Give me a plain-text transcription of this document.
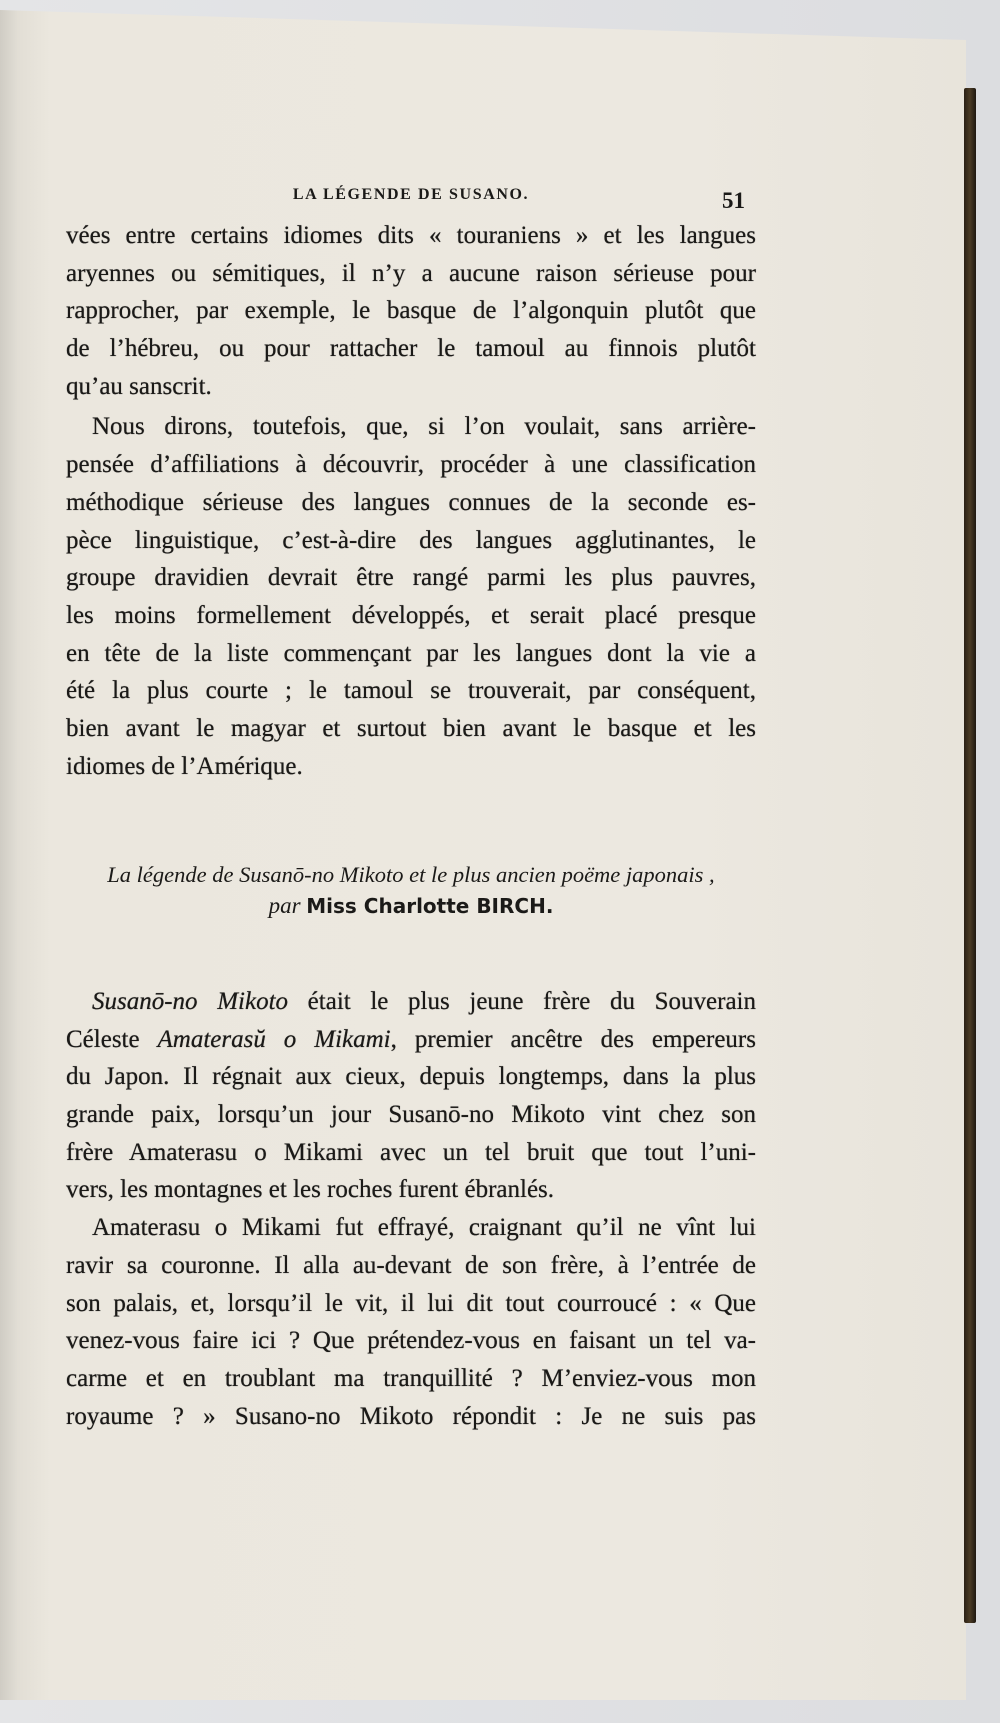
LA LÉGENDE DE SUSANO.	51
vées entre certains idiomes dits « touraniens » et les langues
aryennes ou sémitiques, il n’y a aucune raison sérieuse pour
rapprocher, par exemple, le basque de l’algonquin plutôt que
de l’hébreu, ou pour rattacher le tamoul au finnois plutôt
qu’au sanscrit.
Nous dirons, toutefois, que, si l’on voulait, sans arrière-
pensée d’affiliations à découvrir, procéder à une classification
méthodique sérieuse des langues connues de la seconde es-
pèce linguistique, c’est-à-dire des langues agglutinantes, le
groupe dravidien devrait être rangé parmi les plus pauvres,
les moins formellement développés, et serait placé presque
en tête de la liste commençant par les langues dont la vie a
été la plus courte ; le tamoul se trouverait, par conséquent,
bien avant le magyar et surtout bien avant le basque et les
idiomes de l’Amérique.
La légende de Susanō-no Mikoto et le plus ancien poëme japonais ,
par Miss Charlotte BIRCH.
Susanō-no Mikoto était le plus jeune frère du Souverain
Céleste Amaterasŭ o Mikami, premier ancêtre des empereurs
du Japon. Il régnait aux cieux, depuis longtemps, dans la plus
grande paix, lorsqu’un jour Susanō-no Mikoto vint chez son
frère Amaterasu o Mikami avec un tel bruit que tout l’uni-
vers, les montagnes et les roches furent ébranlés.
Amaterasu o Mikami fut effrayé, craignant qu’il ne vînt lui
ravir sa couronne. Il alla au-devant de son frère, à l’entrée de
son palais, et, lorsqu’il le vit, il lui dit tout courroucé : « Que
venez-vous faire ici ? Que prétendez-vous en faisant un tel va-
carme et en troublant ma tranquillité ? M’enviez-vous mon
royaume ? » Susano-no Mikoto répondit : Je ne suis pas
